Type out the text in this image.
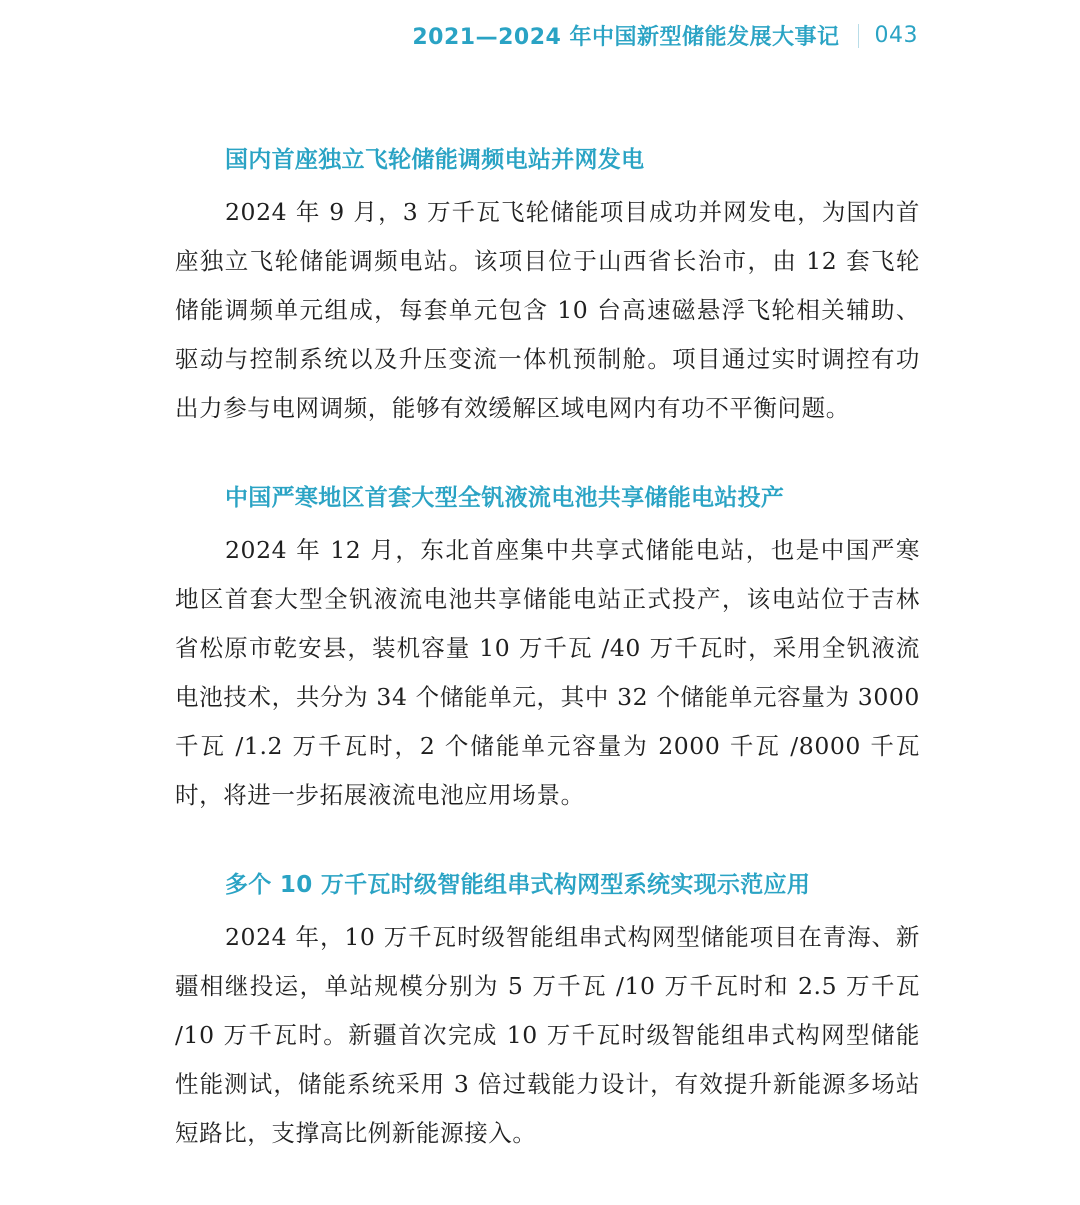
2021—2024 年中国新型储能发展大事记 043
国内首座独立飞轮储能调频电站并网发电

2024 年 9 月，3 万千瓦飞轮储能项目成功并网发电，为国内首座独立飞轮储能调频电站。该项目位于山西省长治市，由 12 套飞轮储能调频单元组成，每套单元包含 10 台高速磁悬浮飞轮相关辅助、驱动与控制系统以及升压变流一体机预制舱。项目通过实时调控有功出力参与电网调频，能够有效缓解区域电网内有功不平衡问题。

中国严寒地区首套大型全钒液流电池共享储能电站投产

2024 年 12 月，东北首座集中共享式储能电站，也是中国严寒地区首套大型全钒液流电池共享储能电站正式投产，该电站位于吉林省松原市乾安县，装机容量 10 万千瓦 /40 万千瓦时，采用全钒液流电池技术，共分为 34 个储能单元，其中 32 个储能单元容量为 3000 千瓦 /1.2 万千瓦时，2 个储能单元容量为 2000 千瓦 /8000 千瓦时，将进一步拓展液流电池应用场景。

多个 10 万千瓦时级智能组串式构网型系统实现示范应用

2024 年，10 万千瓦时级智能组串式构网型储能项目在青海、新疆相继投运，单站规模分别为 5 万千瓦 /10 万千瓦时和 2.5 万千瓦 /10 万千瓦时。新疆首次完成 10 万千瓦时级智能组串式构网型储能性能测试，储能系统采用 3 倍过载能力设计，有效提升新能源多场站短路比，支撑高比例新能源接入。
